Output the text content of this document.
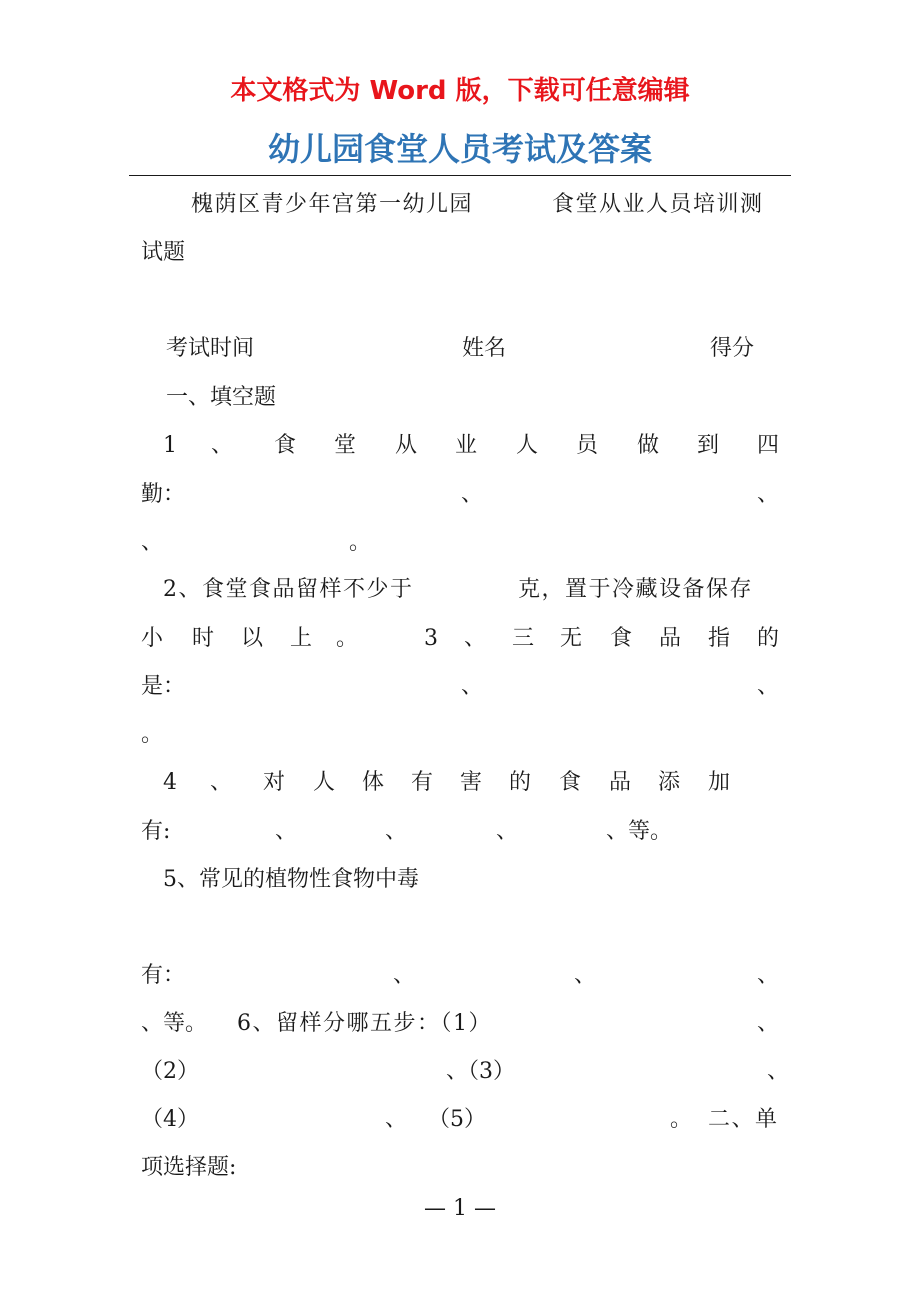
本文格式为 Word 版，下载可任意编辑
幼儿园食堂人员考试及答案
槐荫区青少年宫第一幼儿园	食堂从业人员培训测
试题
考试时间	姓名	得分
一、填空题
1 、 食 堂 从 业 人 员 做 到 四
勤：	、	、
、	。
2、食堂食品留样不少于	克，置于冷藏设备保存
小 时 以 上 。	3 、 三 无 食 品 指 的
是：	、	、
。
4 、 对 人 体 有 害 的 食 品 添 加
有:	、	、	、	、等。
5、常见的植物性食物中毒
有：	、	、	、
、等。 6、留样分哪五步：（1）	、
（2）	、（3）	、
（4）	、 （5）	。 二、单
项选择题:
— 1 —
